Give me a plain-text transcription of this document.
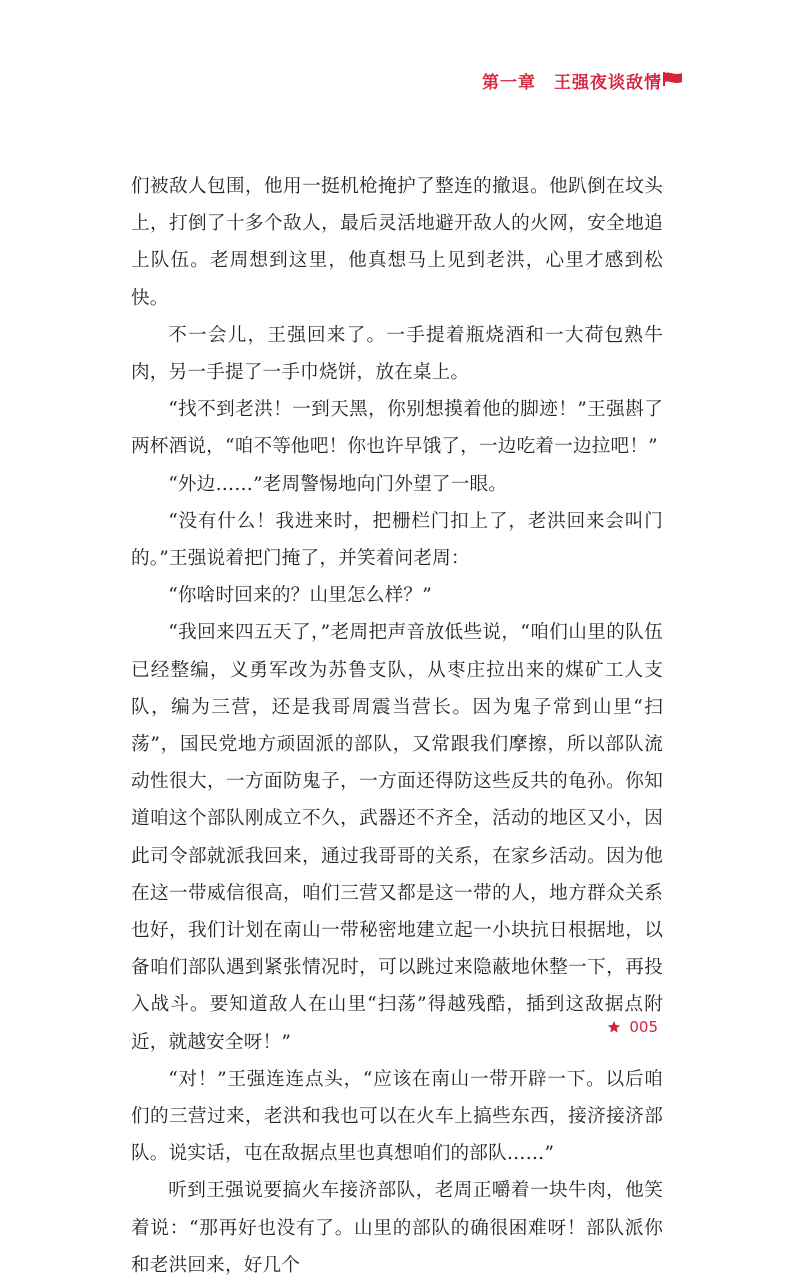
第一章 王强夜谈敌情

们被敌人包围，他用一挺机枪掩护了整连的撤退。他趴倒在坟头上，打倒了十多个敌人，最后灵活地避开敌人的火网，安全地追上队伍。老周想到这里，他真想马上见到老洪，心里才感到松快。

不一会儿，王强回来了。一手提着瓶烧酒和一大荷包熟牛肉，另一手提了一手巾烧饼，放在桌上。

“找不到老洪！一到天黑，你别想摸着他的脚迹！”王强斟了两杯酒说，“咱不等他吧！你也许早饿了，一边吃着一边拉吧！”

“外边……”老周警惕地向门外望了一眼。

“没有什么！我进来时，把栅栏门扣上了，老洪回来会叫门的。”王强说着把门掩了，并笑着问老周：

“你啥时回来的？山里怎么样？”

“我回来四五天了，”老周把声音放低些说，“咱们山里的队伍已经整编，义勇军改为苏鲁支队，从枣庄拉出来的煤矿工人支队，编为三营，还是我哥周震当营长。因为鬼子常到山里“扫荡”，国民党地方顽固派的部队，又常跟我们摩擦，所以部队流动性很大，一方面防鬼子，一方面还得防这些反共的龟孙。你知道咱这个部队刚成立不久，武器还不齐全，活动的地区又小，因此司令部就派我回来，通过我哥哥的关系，在家乡活动。因为他在这一带威信很高，咱们三营又都是这一带的人，地方群众关系也好，我们计划在南山一带秘密地建立起一小块抗日根据地，以备咱们部队遇到紧张情况时，可以跳过来隐蔽地休整一下，再投入战斗。要知道敌人在山里“扫荡”得越残酷，插到这敌据点附近，就越安全呀！”

“对！”王强连连点头，“应该在南山一带开辟一下。以后咱们的三营过来，老洪和我也可以在火车上搞些东西，接济接济部队。说实话，屯在敌据点里也真想咱们的部队……”

听到王强说要搞火车接济部队，老周正嚼着一块牛肉，他笑着说：“那再好也没有了。山里的部队的确很困难呀！部队派你和老洪回来，好几个

005
